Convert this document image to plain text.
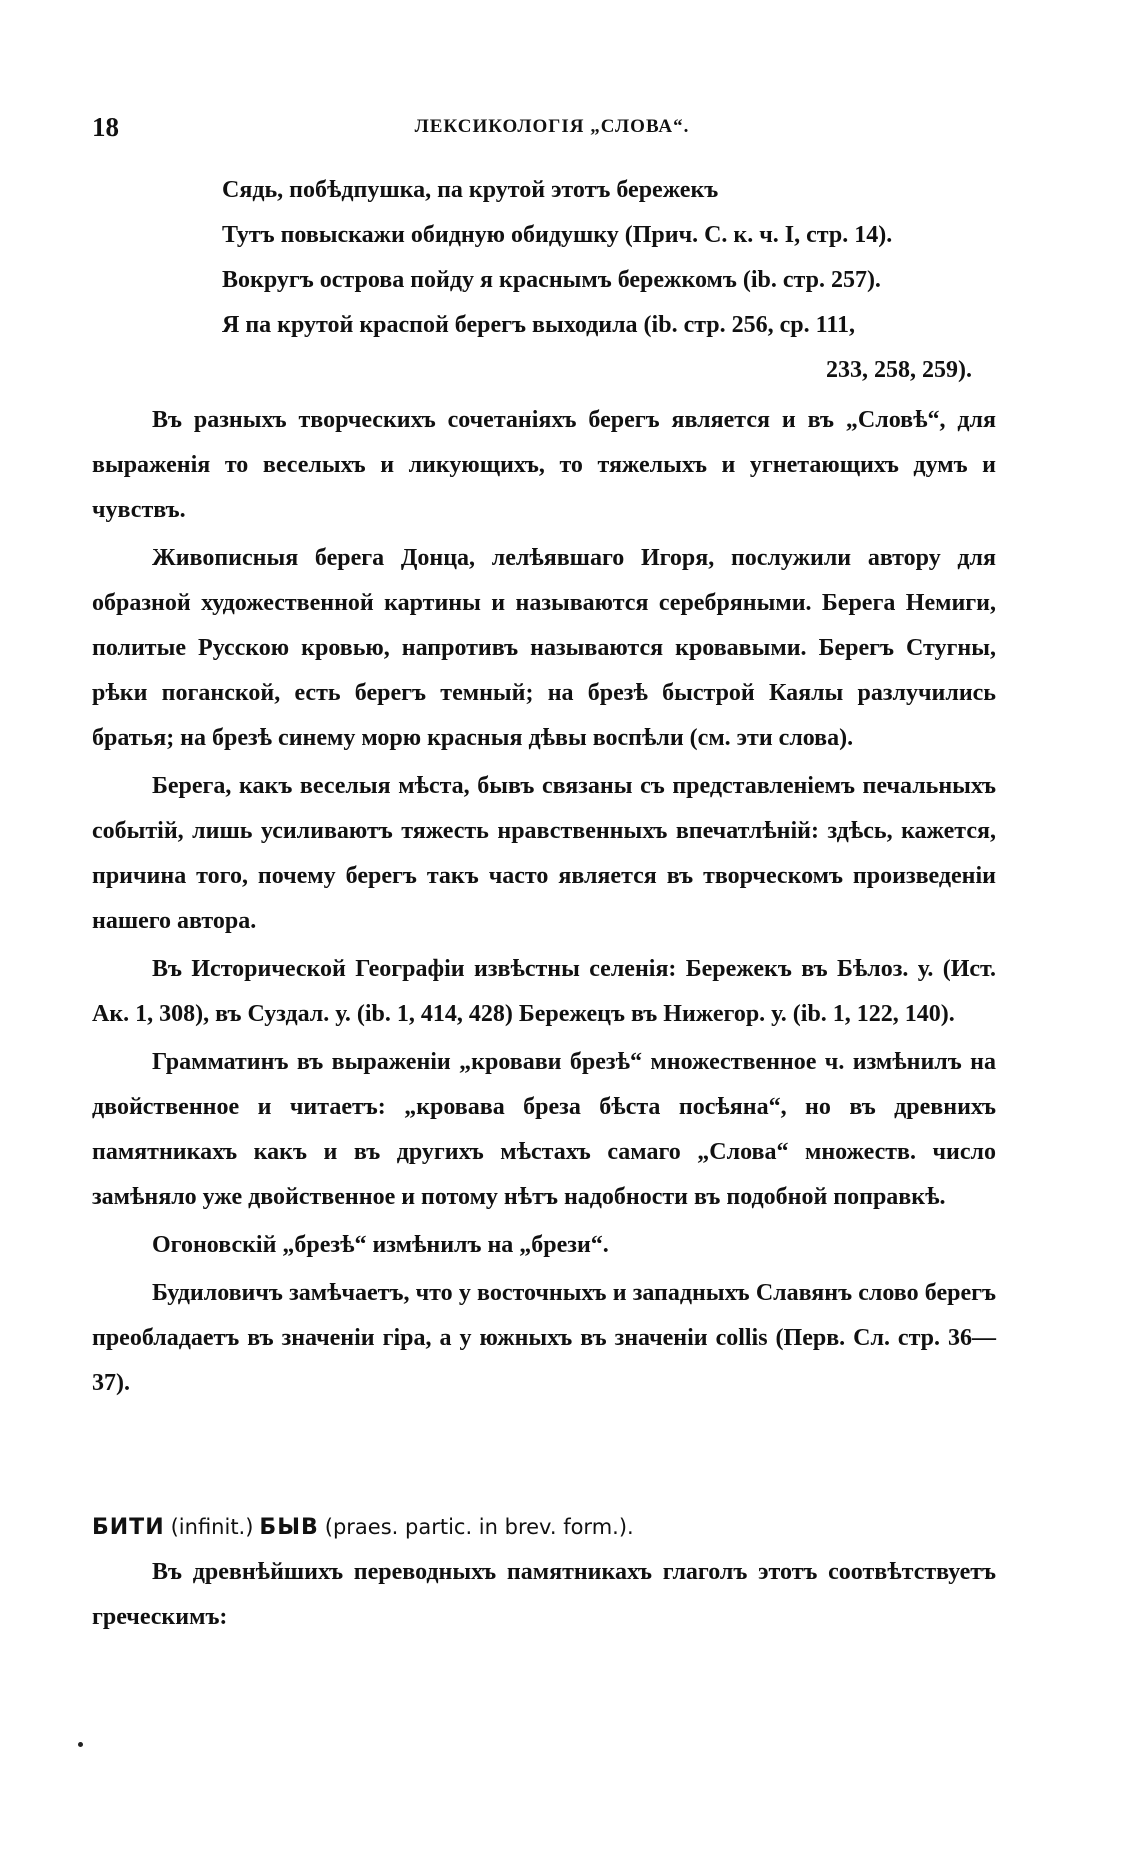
18	ЛЕКСИКОЛОГІЯ „СЛОВА“.
Сядь, побѣдпушка, па крутой этотъ бережекъ
Тутъ повыскажи обидную обидушку (Прич. С. к. ч. I, стр. 14).
Вокругъ острова пойду я краснымъ бережкомъ (ib. стр. 257).
Я па крутой краспой берегъ выходила (ib. стр. 256, ср. 111,
233, 258, 259).

Въ разныхъ творческихъ сочетаніяхъ берегъ является и въ „Словѣ“, для выраженія то веселыхъ и ликующихъ, то тяжелыхъ и угнетающихъ думъ и чувствъ.

Живописныя берега Донца, лелѣявшаго Игоря, послужили автору для образной художественной картины и называются серебряными. Берега Немиги, политые Русскою кровью, напротивъ называются кровавыми. Берегъ Стугны, рѣки поганской, есть берегъ темный; на брезѣ быстрой Каялы разлучились братья; на брезѣ синему морю красныя дѣвы воспѣли (см. эти слова).

Берега, какъ веселыя мѣста, бывъ связаны съ представленіемъ печальныхъ событій, лишь усиливаютъ тяжесть нравственныхъ впечатлѣній: здѣсь, кажется, причина того, почему берегъ такъ часто является въ творческомъ произведеніи нашего автора.

Въ Исторической Географіи извѣстны селенія: Бережекъ въ Бѣлоз. у. (Ист. Ак. 1, 308), въ Суздал. у. (ib. 1, 414, 428) Бережецъ въ Нижегор. у. (ib. 1, 122, 140).

Грамматинъ въ выраженіи „кровави брезѣ“ множественное ч. измѣнилъ на двойственное и читаетъ: „кровава бреза бѣста посѣяна“, но въ древнихъ памятникахъ какъ и въ другихъ мѣстахъ самаго „Слова“ множеств. число замѣняло уже двойственное и потому нѣтъ надобности въ подобной поправкѣ.

Огоновскій „брезѣ“ измѣнилъ на „брези“.

Будиловичъ замѣчаетъ, что у восточныхъ и западныхъ Славянъ слово берегъ преобладаетъ въ значеніи гіра, а у южныхъ въ значеніи collis (Перв. Сл. стр. 36—37).

БИТИ (infinit.) БЫВ (praes. partic. in brev. form.).

Въ древнѣйшихъ переводныхъ памятникахъ глаголъ этотъ соотвѣтствуетъ греческимъ:
